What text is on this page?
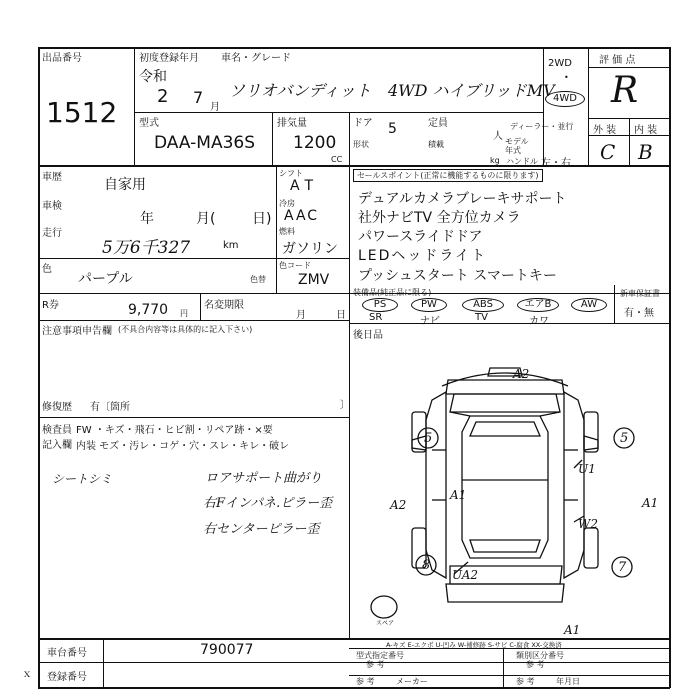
出品番号
1512
初度登録年月 車名・グレード
令和
2 7
月
ソリオバンディット 4WD ハイブリッドMV
2WD
•
4WD
評 価 点
R
外 装 内 装
C B
型式
DAA-MA36S
排気量
1200
CC
ドア 5	定員
人
ディーラー・並行
形状	積載	モデル年式
kg ハンドル 左・右
車歴	自家用
車検
年	月(	日)
走行
5万6千327	km
色
パープル	色替
R券	9,770 円
名変期限
月	日
注意事項申告欄 (不具合内容等は具体的に記入下さい)
修復歴 有〔箇所	〕
検査員
記入欄
FW ・キズ・飛石・ヒビ割・リペア跡・×要
内装 モズ・汚レ・コゲ・穴・スレ・キレ・破レ
シートシミ	ロアサポート曲がり
右Fインパネ.ピラー歪
右センターピラー歪
シフト
AT
冷房
AAC
燃料
ガソリン
色コード
ZMV
セールスポイント(正常に機能するものに限ります)
デュアルカメラブレーキサポート
社外ナビTV 全方位カメラ
パワースライドドア
LEDヘッドライト
プッシュスタート スマートキー
装備品(純正品に限る)
PS
SR
PW
ナビ
ABS
TV
エアB
カワ
AW
新車保証書
有・無
後日品
A2
U1
A1
A2	A1
W2
UA2
A1
5	5
8	7
スペア
A-キズ E-エクボ U-凹み W-補修跡 S-サビ C-腐食 XX-交換済
車台番号	790077
登録番号
ｘ
型式指定番号
参 考
類別区分番号
参 考
参 考	メーカー	参 考	年月日
